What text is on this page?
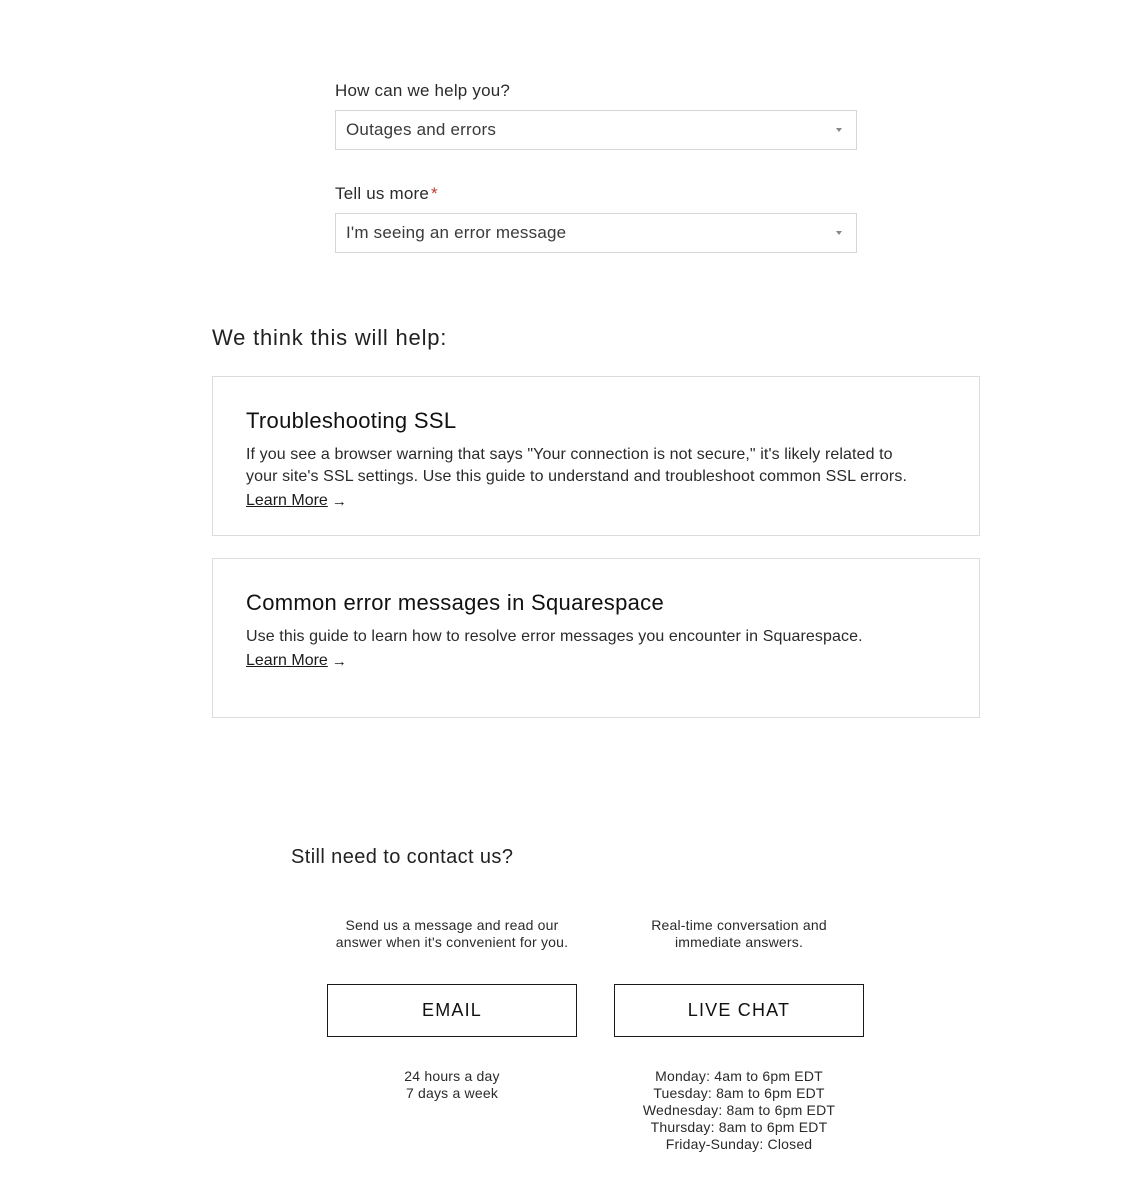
How can we help you?
Outages and errors
Tell us more *
I'm seeing an error message
We think this will help:
Troubleshooting SSL

If you see a browser warning that says "Your connection is not secure," it's likely related to
your site's SSL settings. Use this guide to understand and troubleshoot common SSL errors.

Learn More →
Common error messages in Squarespace

Use this guide to learn how to resolve error messages you encounter in Squarespace.

Learn More →
Still need to contact us?
Send us a message and read our
answer when it's convenient for you.
Real-time conversation and
immediate answers.
EMAIL	LIVE CHAT
24 hours a day
7 days a week
Monday: 4am to 6pm EDT
Tuesday: 8am to 6pm EDT
Wednesday: 8am to 6pm EDT
Thursday: 8am to 6pm EDT
Friday-Sunday: Closed
